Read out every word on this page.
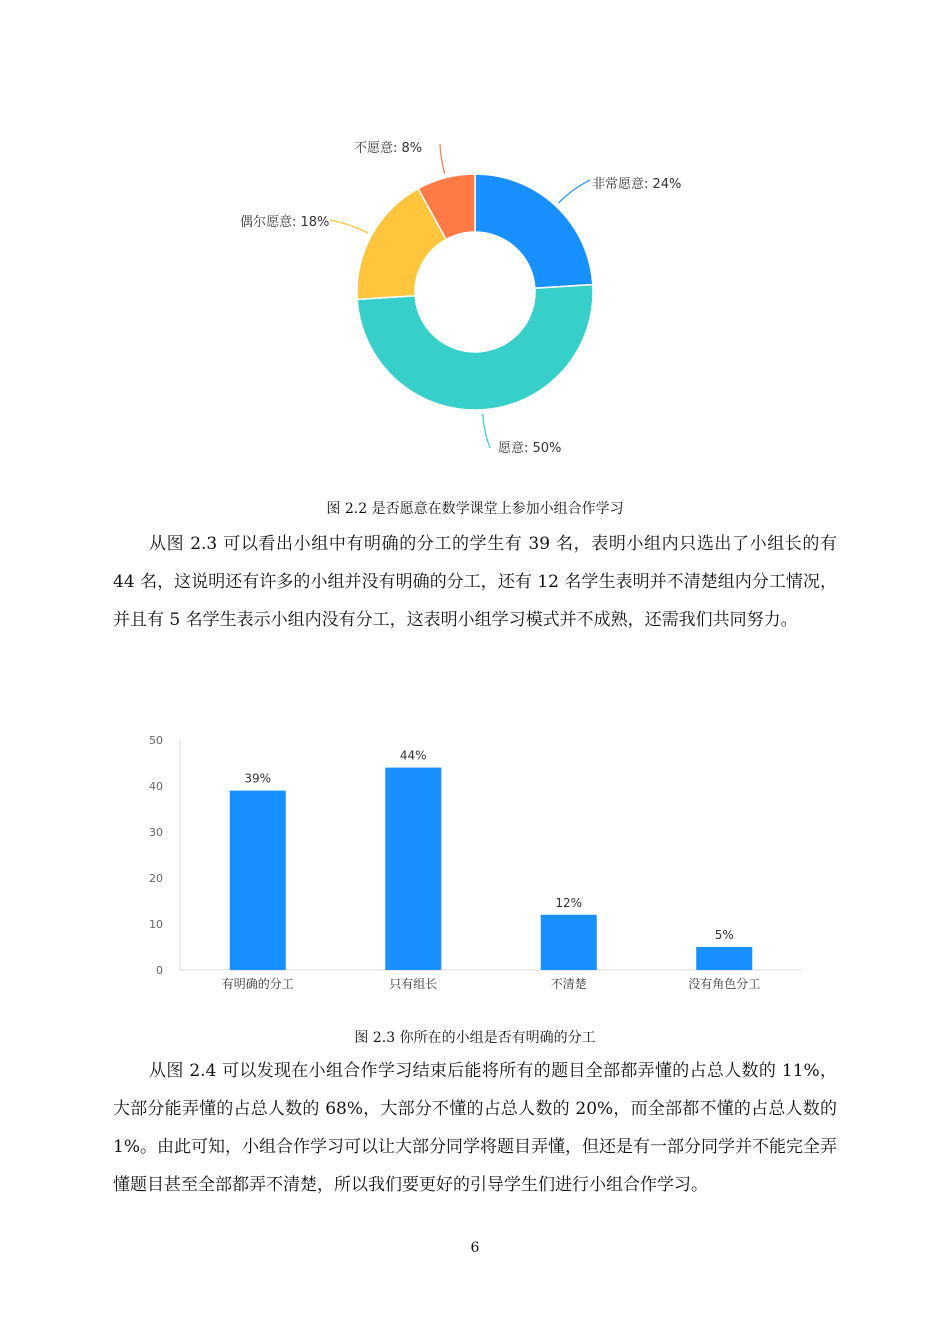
非常愿意: 24%
愿意: 50%
偶尔愿意: 18%
不愿意: 8%
图 2.2 是否愿意在数学课堂上参加小组合作学习
从图 2.3 可以看出小组中有明确的分工的学生有 39 名，表明小组内只选出了小组长的有 44 名，这说明还有许多的小组并没有明确的分工，还有 12 名学生表明并不清楚组内分工情况，并且有 5 名学生表示小组内没有分工，这表明小组学习模式并不成熟，还需我们共同努力。
0
10
20
30
40
50
39%
有明确的分工
44%
只有组长
12%
不清楚
5%
没有角色分工
图 2.3 你所在的小组是否有明确的分工
从图 2.4 可以发现在小组合作学习结束后能将所有的题目全部都弄懂的占总人数的 11%，大部分能弄懂的占总人数的 68%，大部分不懂的占总人数的 20%，而全部都不懂的占总人数的 1%。由此可知，小组合作学习可以让大部分同学将题目弄懂，但还是有一部分同学并不能完全弄懂题目甚至全部都弄不清楚，所以我们要更好的引导学生们进行小组合作学习。
6
